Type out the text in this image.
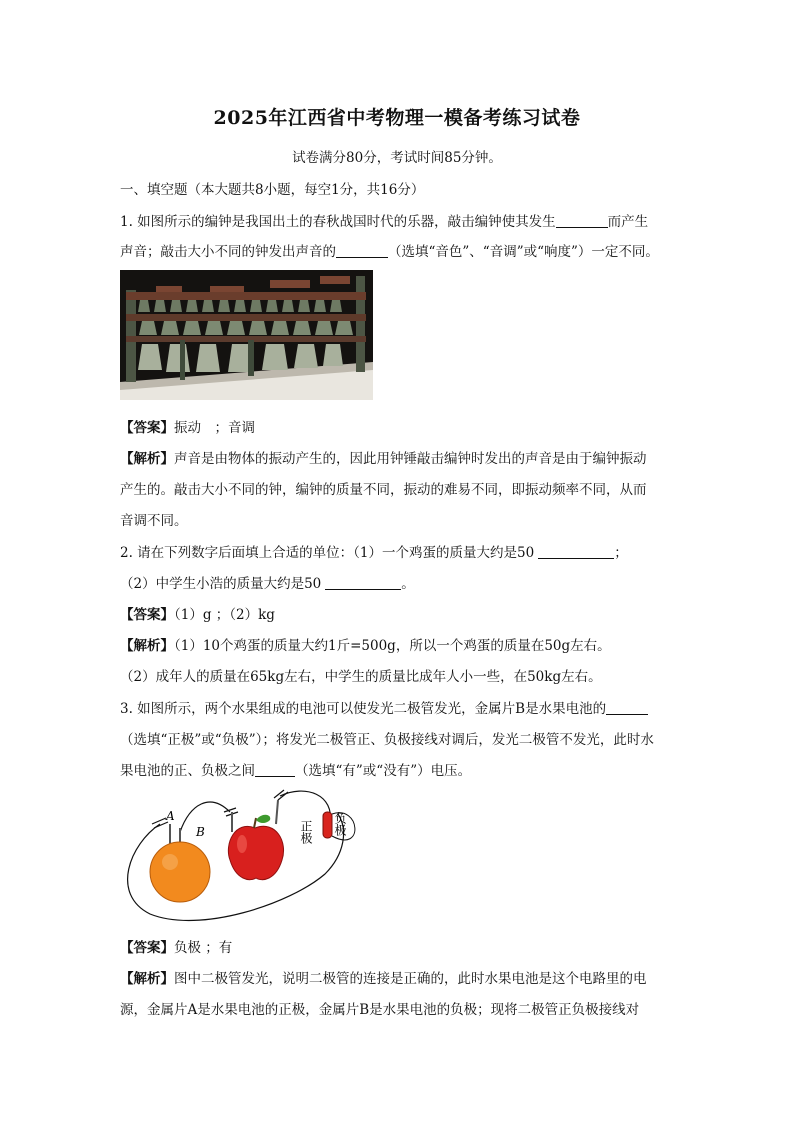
2025年江西省中考物理一模备考练习试卷
试卷满分80分，考试时间85分钟。
一、填空题（本大题共8小题，每空1分，共16分）
1. 如图所示的编钟是我国出土的春秋战国时代的乐器，敲击编钟使其发生	而产生
声音；敲击大小不同的钟发出声音的	（选填“音色”、“音调”或“响度”）一定不同。
【答案】振动　；音调
【解析】声音是由物体的振动产生的，因此用钟锤敲击编钟时发出的声音是由于编钟振动
产生的。敲击大小不同的钟，编钟的质量不同，振动的难易不同，即振动频率不同，从而
音调不同。
2. 请在下列数字后面填上合适的单位：（1）一个鸡蛋的质量大约是50	；
（2）中学生小浩的质量大约是50	。
【答案】（1）g ；（2）kg
【解析】（1）10个鸡蛋的质量大约1斤=500g，所以一个鸡蛋的质量在50g左右。
（2）成年人的质量在65kg左右，中学生的质量比成年人小一些，在50kg左右。
3. 如图所示，两个水果组成的电池可以使发光二极管发光，金属片B是水果电池的
（选填“正极”或“负极”）；将发光二极管正、负极接线对调后，发光二极管不发光，此时水
果电池的正、负极之间	（选填“有”或“没有”）电压。
A
B	正极 负极
【答案】负极 ；有
【解析】图中二极管发光，说明二极管的连接是正确的，此时水果电池是这个电路里的电
源，金属片A是水果电池的正极，金属片B是水果电池的负极；现将二极管正负极接线对
